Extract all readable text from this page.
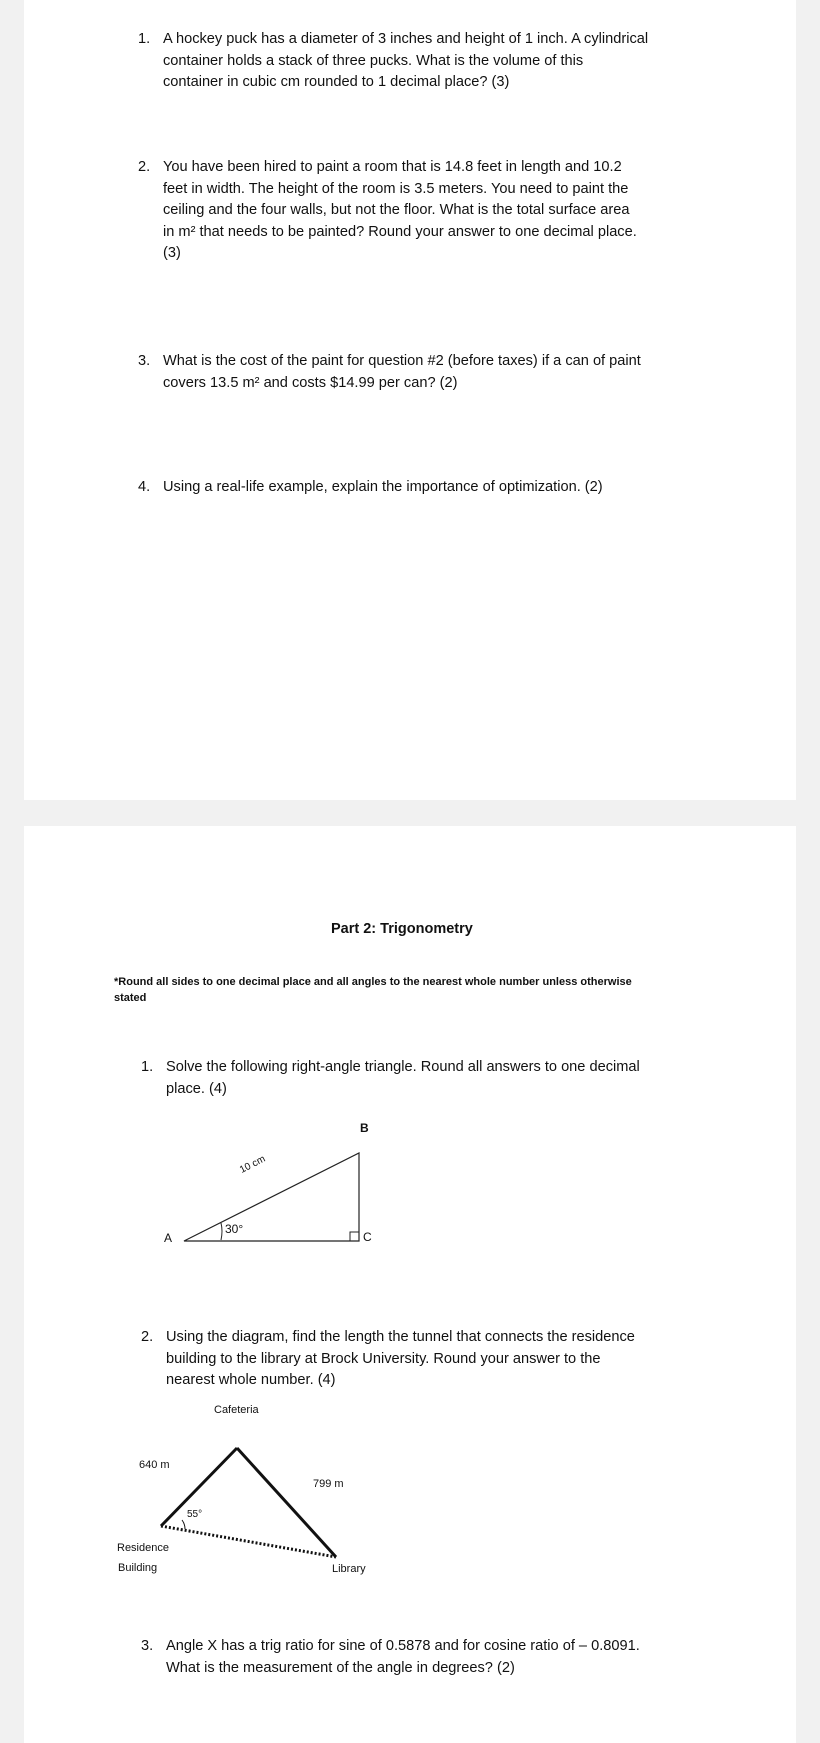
1. A hockey puck has a diameter of 3 inches and height of 1 inch. A cylindrical
container holds a stack of three pucks. What is the volume of this
container in cubic cm rounded to 1 decimal place? (3)
2. You have been hired to paint a room that is 14.8 feet in length and 10.2
feet in width. The height of the room is 3.5 meters. You need to paint the
ceiling and the four walls, but not the floor. What is the total surface area
in m² that needs to be painted? Round your answer to one decimal place.
(3)
3. What is the cost of the paint for question #2 (before taxes) if a can of paint
covers 13.5 m² and costs $14.99 per can? (2)
4. Using a real-life example, explain the importance of optimization. (2)
Part 2: Trigonometry
*Round all sides to one decimal place and all angles to the nearest whole number unless otherwise
stated
1. Solve the following right-angle triangle. Round all answers to one decimal
place. (4)
A
B
C
10 cm
30°
2. Using the diagram, find the length the tunnel that connects the residence
building to the library at Brock University. Round your answer to the
nearest whole number. (4)
Cafeteria
640 m
799 m
55°
Residence
Building	Library
3. Angle X has a trig ratio for sine of 0.5878 and for cosine ratio of – 0.8091.
What is the measurement of the angle in degrees? (2)
